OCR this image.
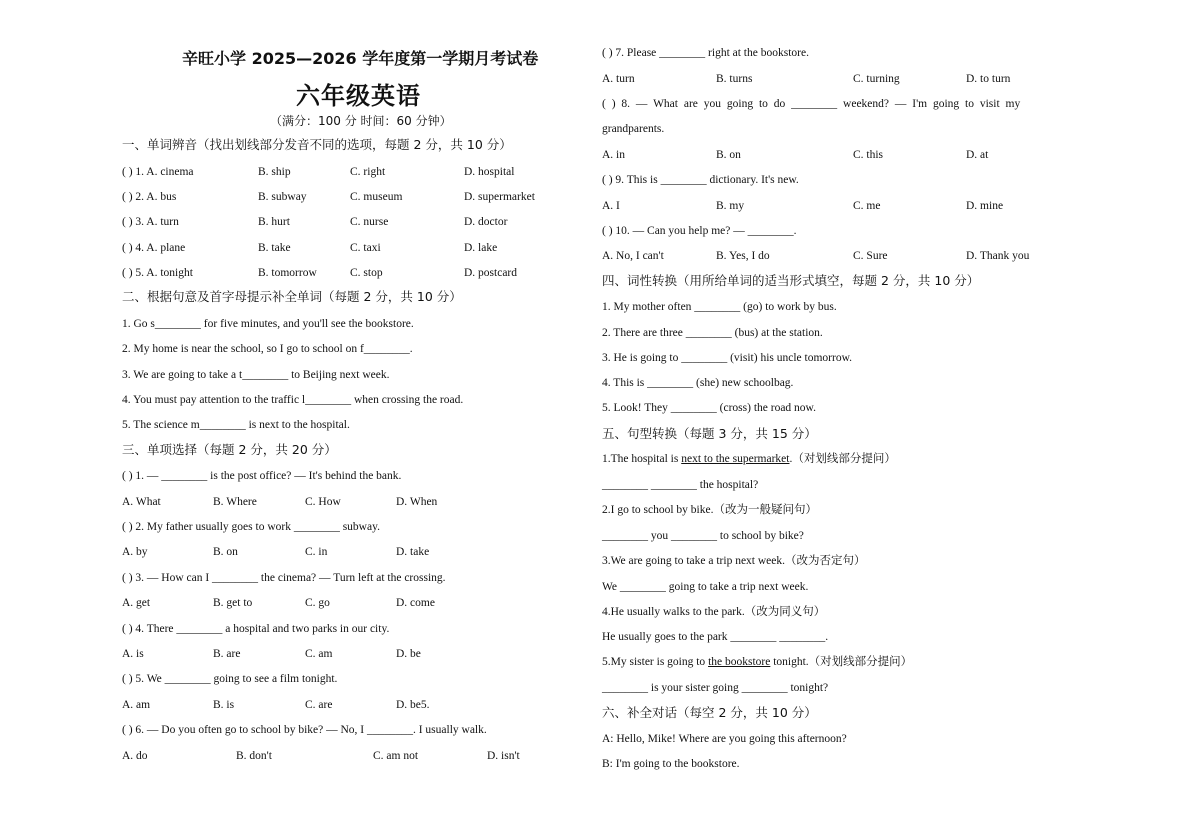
辛旺小学 2025—2026 学年度第一学期月考试卷
六年级英语
（满分：100 分 时间：60 分钟）
一、单词辨音（找出划线部分发音不同的选项，每题 2 分，共 10 分）
( ) 1. A. cinema	B. ship	C. right	D. hospital
( ) 2. A. bus	B. subway	C. museum	D. supermarket
( ) 3. A. turn	B. hurt	C. nurse	D. doctor
( ) 4. A. plane	B. take	C. taxi	D. lake
( ) 5. A. tonight	B. tomorrow	C. stop	D. postcard
二、根据句意及首字母提示补全单词（每题 2 分，共 10 分）
1. Go s________ for five minutes, and you'll see the bookstore.
2. My home is near the school, so I go to school on f________.
3. We are going to take a t________ to Beijing next week.
4. You must pay attention to the traffic l________ when crossing the road.
5. The science m________ is next to the hospital.
三、单项选择（每题 2 分，共 20 分）
( ) 1. — ________ is the post office? — It's behind the bank.
A. What	B. Where	C. How	D. When
( ) 2. My father usually goes to work ________ subway.
A. by	B. on	C. in	D. take
( ) 3. — How can I ________ the cinema? — Turn left at the crossing.
A. get	B. get to	C. go	D. come
( ) 4. There ________ a hospital and two parks in our city.
A. is	B. are	C. am	D. be
( ) 5. We ________ going to see a film tonight.
A. am	B. is	C. are	D. be5.
( ) 6. — Do you often go to school by bike? — No, I ________. I usually walk.
A. do	B. don't	C. am not	D. isn't
( ) 7. Please ________ right at the bookstore.
A. turn	B. turns	C. turning	D. to turn
( ) 8. — What are you going to do ________ weekend? — I'm going to visit my
grandparents.
A. in	B. on	C. this	D. at
( ) 9. This is ________ dictionary. It's new.
A. I	B. my	C. me	D. mine
( ) 10. — Can you help me? — ________.
A. No, I can't	B. Yes, I do	C. Sure	D. Thank you
四、词性转换（用所给单词的适当形式填空，每题 2 分，共 10 分）
1. My mother often ________ (go) to work by bus.
2. There are three ________ (bus) at the station.
3. He is going to ________ (visit) his uncle tomorrow.
4. This is ________ (she) new schoolbag.
5. Look! They ________ (cross) the road now.
五、句型转换（每题 3 分，共 15 分）
1.The hospital is next to the supermarket.（对划线部分提问）
________ ________ the hospital?
2.I go to school by bike.（改为一般疑问句）
________ you ________ to school by bike?
3.We are going to take a trip next week.（改为否定句）
We ________ going to take a trip next week.
4.He usually walks to the park.（改为同义句）
He usually goes to the park ________ ________.
5.My sister is going to the bookstore tonight.（对划线部分提问）
________ is your sister going ________ tonight?
六、补全对话（每空 2 分，共 10 分）
A: Hello, Mike! Where are you going this afternoon?
B: I'm going to the bookstore.
